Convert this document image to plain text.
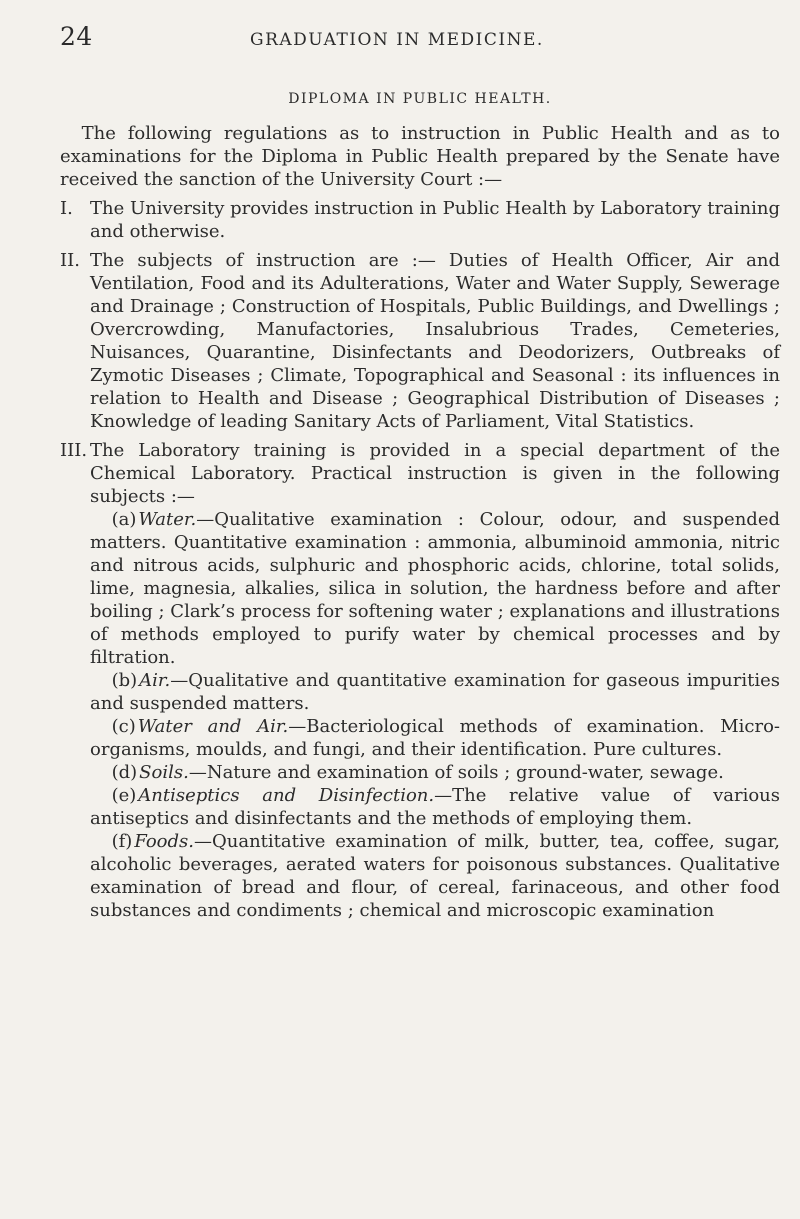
24	GRADUATION IN MEDICINE.
DIPLOMA IN PUBLIC HEALTH.

The following regulations as to instruction in Public Health and as to examinations for the Diploma in Public Health prepared by the Senate have received the sanction of the University Court :—

I. The University provides instruction in Public Health by Laboratory training and otherwise.

II. The subjects of instruction are :— Duties of Health Officer, Air and Ventilation, Food and its Adulterations, Water and Water Supply, Sewerage and Drainage ; Construction of Hospitals, Public Buildings, and Dwellings ; Overcrowding, Manufactories, Insalubrious Trades, Cemeteries, Nuisances, Quarantine, Disinfectants and Deodorizers, Outbreaks of Zymotic Diseases ; Climate, Topographical and Seasonal : its influences in relation to Health and Disease ; Geographical Distribution of Diseases ; Knowledge of leading Sanitary Acts of Parliament, Vital Statistics.

III. The Laboratory training is provided in a special department of the Chemical Laboratory. Practical instruction is given in the following subjects :—

(a) Water.—Qualitative examination : Colour, odour, and suspended matters. Quantitative examination : ammonia, albuminoid ammonia, nitric and nitrous acids, sulphuric and phosphoric acids, chlorine, total solids, lime, magnesia, alkalies, silica in solution, the hardness before and after boiling ; Clark’s process for softening water ; explanations and illustrations of methods employed to purify water by chemical processes and by filtration.

(b) Air.—Qualitative and quantitative examination for gaseous impurities and suspended matters.

(c) Water and Air.—Bacteriological methods of examination. Micro-organisms, moulds, and fungi, and their identification. Pure cultures.

(d) Soils.—Nature and examination of soils ; ground-water, sewage.

(e) Antiseptics and Disinfection.—The relative value of various antiseptics and disinfectants and the methods of employing them.

(f) Foods.—Quantitative examination of milk, butter, tea, coffee, sugar, alcoholic beverages, aerated waters for poisonous substances. Qualitative examination of bread and flour, of cereal, farinaceous, and other food substances and condiments ; chemical and microscopic examination
